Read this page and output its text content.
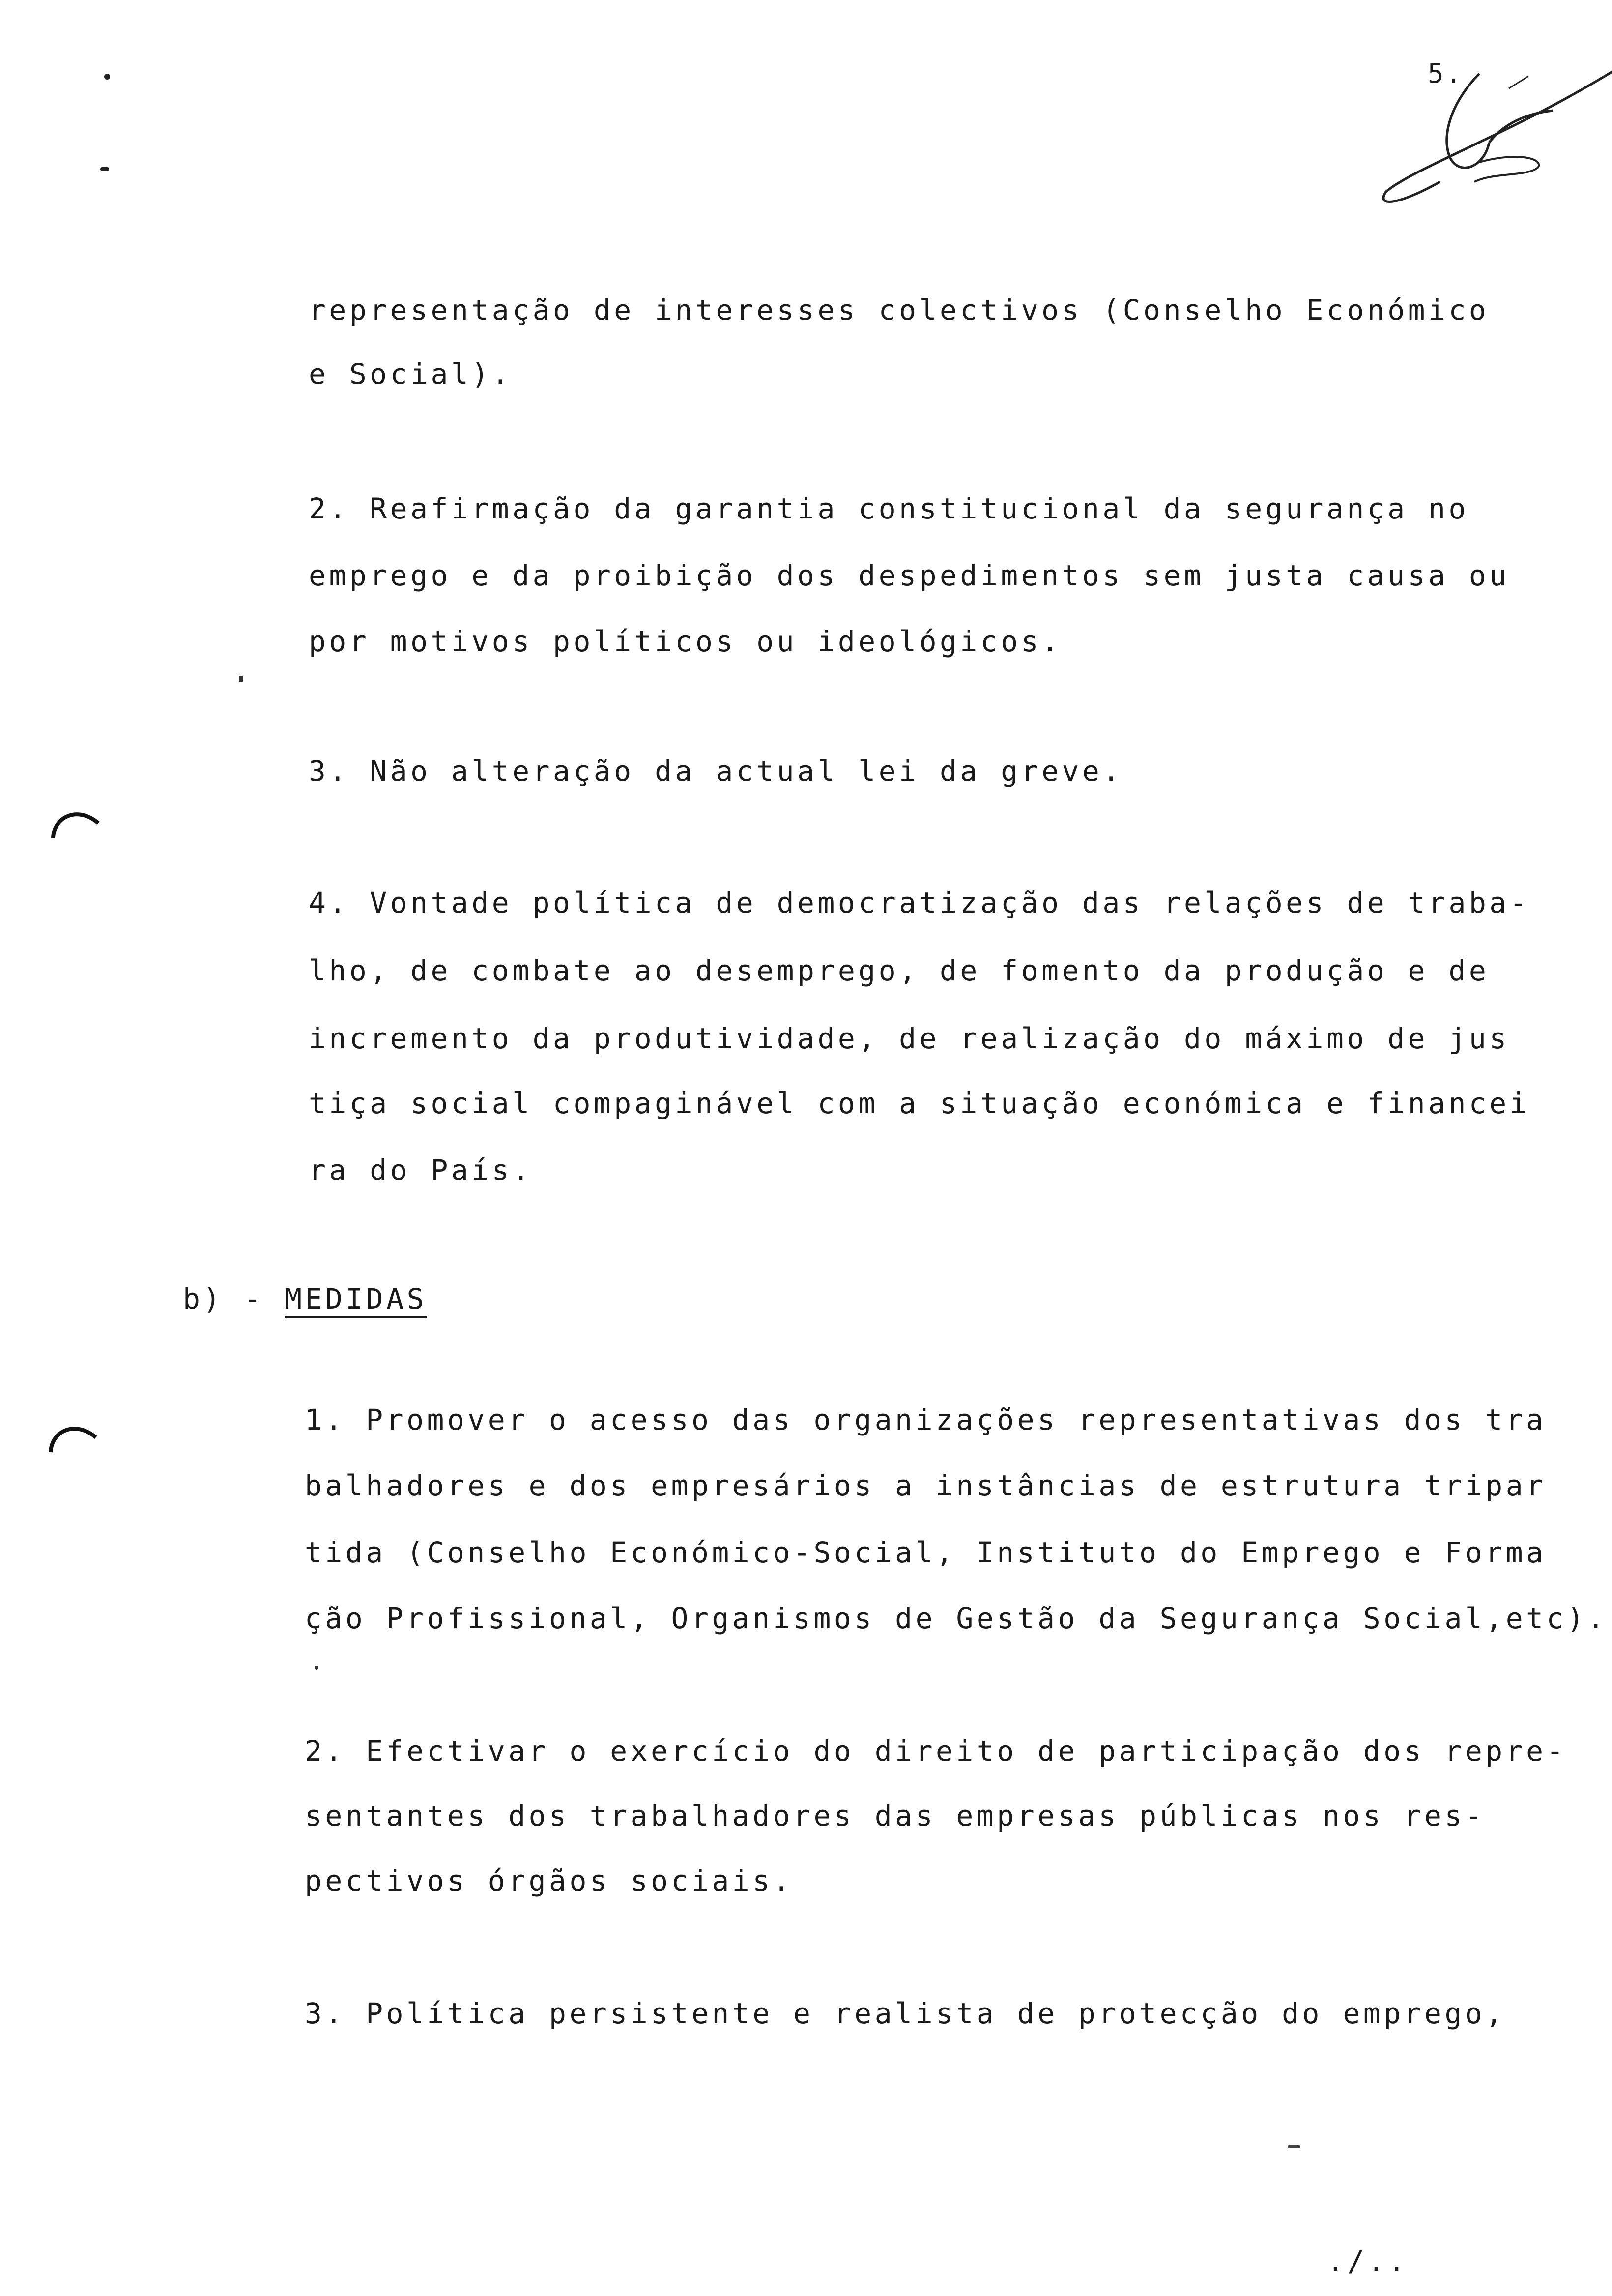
5.
representação de interesses colectivos (Conselho Económico
e Social).
2. Reafirmação da garantia constitucional da segurança no
emprego e da proibição dos despedimentos sem justa causa ou
por motivos políticos ou ideológicos.
3. Não alteração da actual lei da greve.
4. Vontade política de democratização das relações de traba-
lho, de combate ao desemprego, de fomento da produção e de
incremento da produtividade, de realização do máximo de jus
tiça social compaginável com a situação económica e financei
ra do País.
b) - MEDIDAS
1. Promover o acesso das organizações representativas dos tra
balhadores e dos empresários a instâncias de estrutura tripar
tida (Conselho Económico-Social, Instituto do Emprego e Forma
ção Profissional, Organismos de Gestão da Segurança Social,etc).
2. Efectivar o exercício do direito de participação dos repre-
sentantes dos trabalhadores das empresas públicas nos res-
pectivos órgãos sociais.
3. Política persistente e realista de protecção do emprego,
./..
